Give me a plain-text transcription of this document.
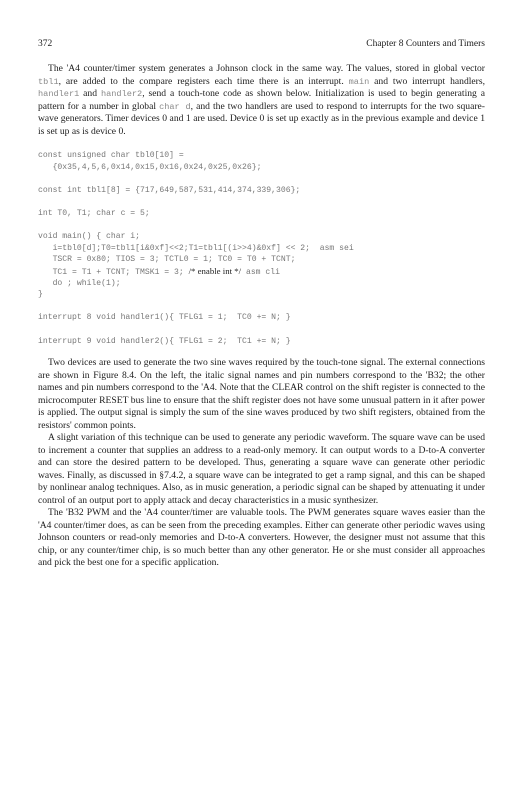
372	Chapter 8 Counters and Timers

The 'A4 counter/timer system generates a Johnson clock in the same way. The values, stored in global vector tbl1, are added to the compare registers each time there is an interrupt. main and two interrupt handlers, handler1 and handler2, send a touch-tone code as shown below. Initialization is used to begin generating a pattern for a number in global char d, and the two handlers are used to respond to interrupts for the two square-wave generators. Timer devices 0 and 1 are used. Device 0 is set up exactly as in the previous example and device 1 is set up as is device 0.

const unsigned char tbl0[10] =
{0x35,4,5,6,0x14,0x15,0x16,0x24,0x25,0x26};
const int tbl1[8] = {717,649,587,531,414,374,339,306};
int T0, T1; char c = 5;
void main() { char i;
i=tbl0[d];T0=tbl1[i&0xf]<<2;T1=tbl1[(i>>4)&0xf] << 2;  asm sei
TSCR = 0x80; TIOS = 3; TCTL0 = 1; TC0 = T0 + TCNT;
TC1 = T1 + TCNT; TMSK1 = 3; /* enable int */ asm cli
do ; while(1);
}
interrupt 8 void handler1(){ TFLG1 = 1;  TC0 += N; }
interrupt 9 void handler2(){ TFLG1 = 2;  TC1 += N; }

Two devices are used to generate the two sine waves required by the touch-tone signal. The external connections are shown in Figure 8.4. On the left, the italic signal names and pin numbers correspond to the 'B32; the other names and pin numbers correspond to the 'A4. Note that the CLEAR control on the shift register is connected to the microcomputer RESET bus line to ensure that the shift register does not have some unusual pattern in it after power is applied. The output signal is simply the sum of the sine waves produced by two shift registers, obtained from the resistors' common points.

A slight variation of this technique can be used to generate any periodic waveform. The square wave can be used to increment a counter that supplies an address to a read-only memory. It can output words to a D-to-A converter and can store the desired pattern to be developed. Thus, generating a square wave can generate other periodic waves. Finally, as discussed in §7.4.2, a square wave can be integrated to get a ramp signal, and this can be shaped by nonlinear analog techniques. Also, as in music generation, a periodic signal can be shaped by attenuating it under control of an output port to apply attack and decay characteristics in a music synthesizer.

The 'B32 PWM and the 'A4 counter/timer are valuable tools. The PWM generates square waves easier than the 'A4 counter/timer does, as can be seen from the preceding examples. Either can generate other periodic waves using Johnson counters or read-only memories and D-to-A converters. However, the designer must not assume that this chip, or any counter/timer chip, is so much better than any other generator. He or she must consider all approaches and pick the best one for a specific application.
